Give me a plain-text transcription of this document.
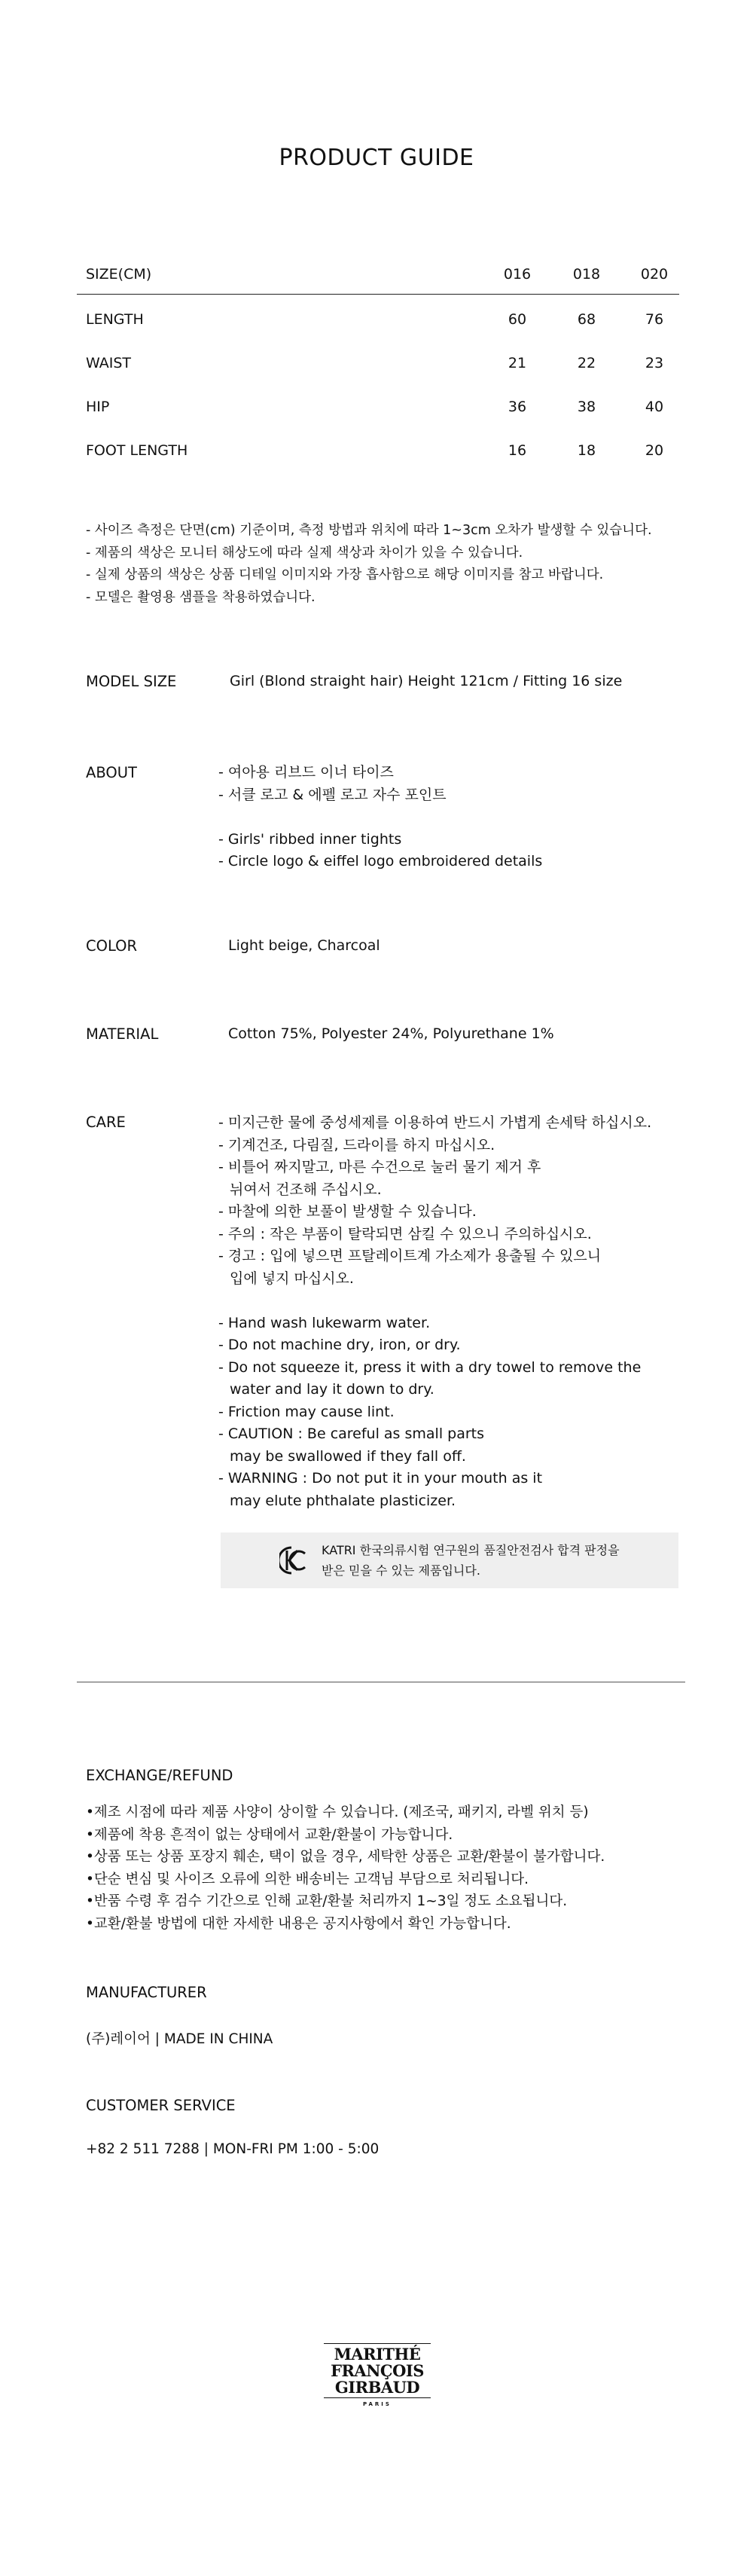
PRODUCT GUIDE
SIZE(CM)	016	018	020
LENGTH	60	68	76
WAIST	21	22	23
HIP	36	38	40
FOOT LENGTH	16	18	20
- 사이즈 측정은 단면(cm) 기준이며, 측정 방법과 위치에 따라 1~3cm 오차가 발생할 수 있습니다.
- 제품의 색상은 모니터 해상도에 따라 실제 색상과 차이가 있을 수 있습니다.
- 실제 상품의 색상은 상품 디테일 이미지와 가장 흡사함으로 해당 이미지를 참고 바랍니다.
- 모델은 촬영용 샘플을 착용하였습니다.
MODEL SIZE	Girl (Blond straight hair) Height 121cm / Fitting 16 size
ABOUT	- 여아용 리브드 이너 타이즈
- 서클 로고 & 에펠 로고 자수 포인트
- Girls' ribbed inner tights
- Circle logo & eiffel logo embroidered details
COLOR	Light beige, Charcoal
MATERIAL	Cotton 75%, Polyester 24%, Polyurethane 1%
CARE	- 미지근한 물에 중성세제를 이용하여 반드시 가볍게 손세탁 하십시오.
- 기계건조, 다림질, 드라이를 하지 마십시오.
- 비틀어 짜지말고, 마른 수건으로 눌러 물기 제거 후
뉘여서 건조해 주십시오.
- 마찰에 의한 보풀이 발생할 수 있습니다.
- 주의 : 작은 부품이 탈락되면 삼킬 수 있으니 주의하십시오.
- 경고 : 입에 넣으면 프탈레이트계 가소제가 용출될 수 있으니
입에 넣지 마십시오.
- Hand wash lukewarm water.
- Do not machine dry, iron, or dry.
- Do not squeeze it, press it with a dry towel to remove the
water and lay it down to dry.
- Friction may cause lint.
- CAUTION : Be careful as small parts
may be swallowed if they fall off.
- WARNING : Do not put it in your mouth as it
may elute phthalate plasticizer.
KATRI 한국의류시험 연구원의 품질안전검사 합격 판정을
받은 믿을 수 있는 제품입니다.
EXCHANGE/REFUND
•제조 시점에 따라 제품 사양이 상이할 수 있습니다. (제조국, 패키지, 라벨 위치 등)
•제품에 착용 흔적이 없는 상태에서 교환/환불이 가능합니다.
•상품 또는 상품 포장지 훼손, 택이 없을 경우, 세탁한 상품은 교환/환불이 불가합니다.
•단순 변심 및 사이즈 오류에 의한 배송비는 고객님 부담으로 처리됩니다.
•반품 수령 후 검수 기간으로 인해 교환/환불 처리까지 1~3일 정도 소요됩니다.
•교환/환불 방법에 대한 자세한 내용은 공지사항에서 확인 가능합니다.
MANUFACTURER
(주)레이어 | MADE IN CHINA
CUSTOMER SERVICE
+82 2 511 7288 | MON-FRI PM 1:00 - 5:00
MARITHÉ
FRANÇOIS
GIRBAUD
PARIS
